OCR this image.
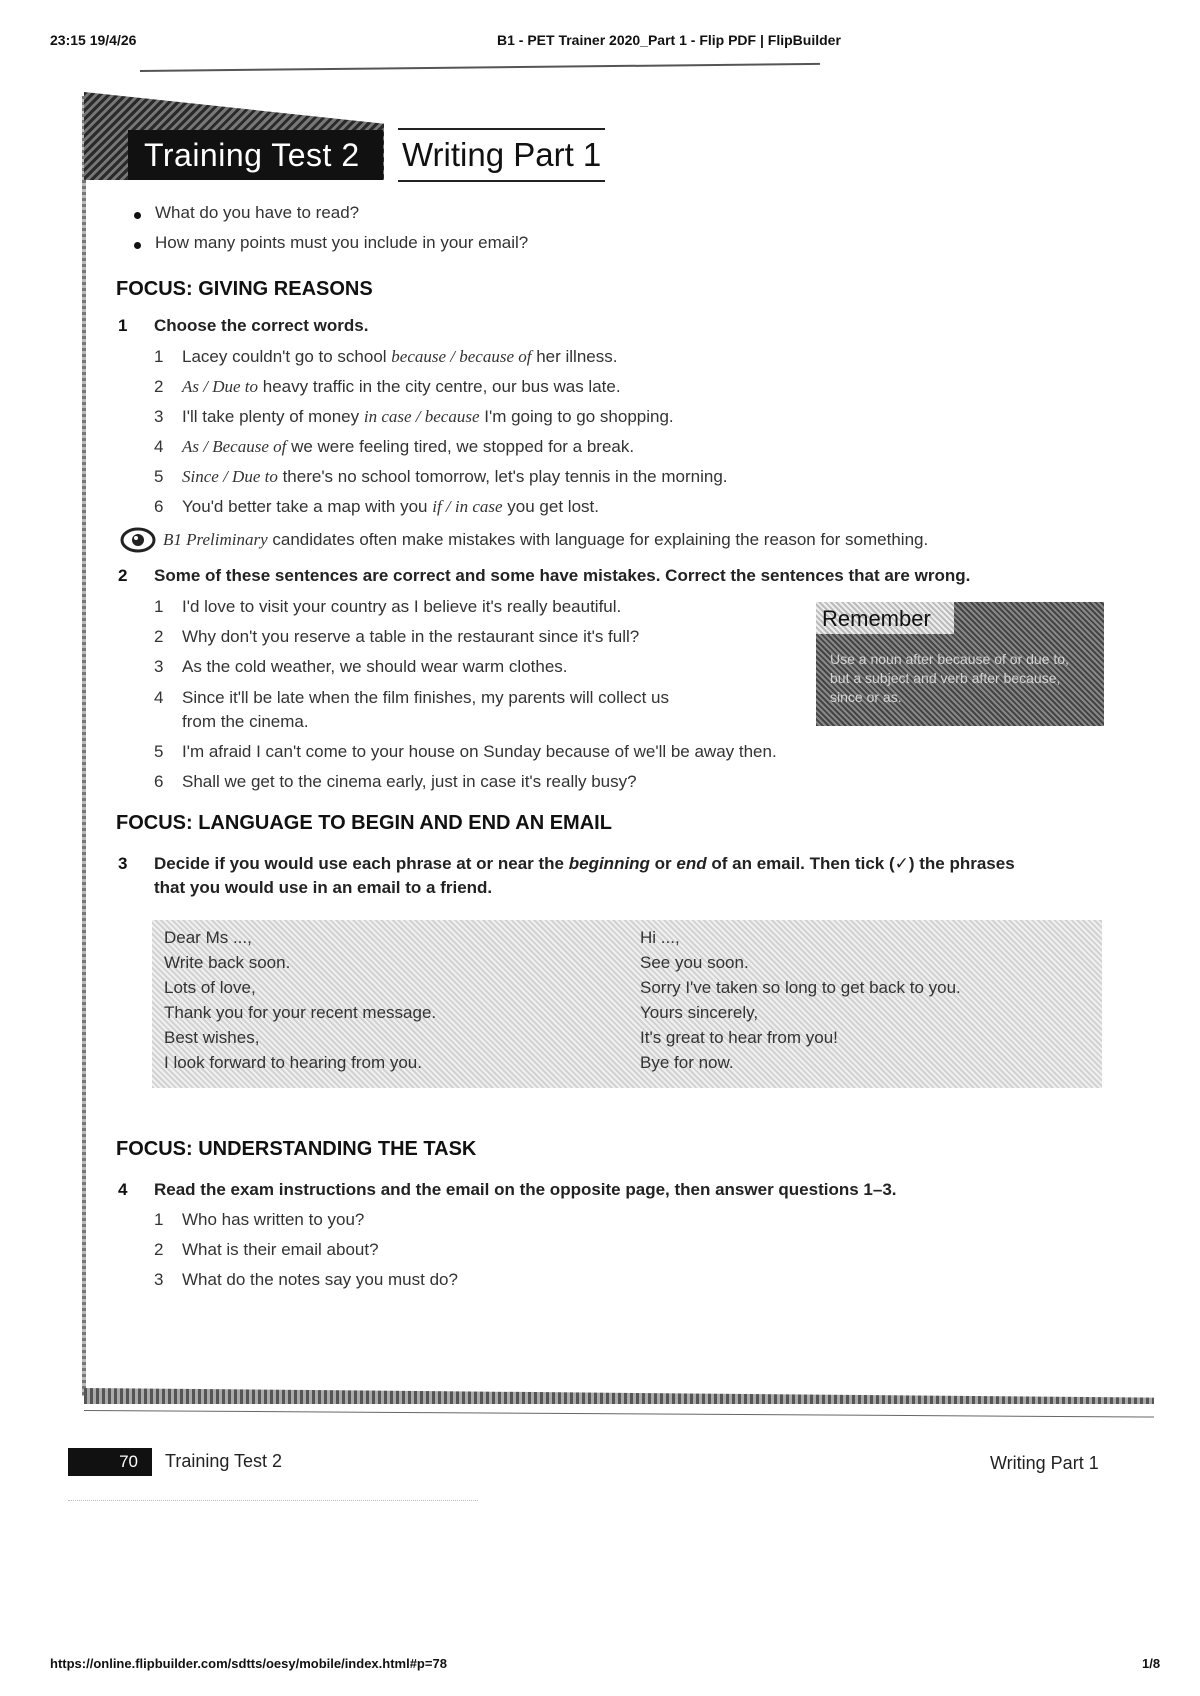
23:15 19/4/26	B1 - PET Trainer 2020_Part 1 - Flip PDF | FlipBuilder
https://online.flipbuilder.com/sdtts/oesy/mobile/index.html#p=78	1/8
Training Test 2	Writing Part 1
What do you have to read?
How many points must you include in your email?
FOCUS: GIVING REASONS
1 Choose the correct words.
1 Lacey couldn't go to school because / because of her illness.
2 As / Due to heavy traffic in the city centre, our bus was late.
3 I'll take plenty of money in case / because I'm going to go shopping.
4 As / Because of we were feeling tired, we stopped for a break.
5 Since / Due to there's no school tomorrow, let's play tennis in the morning.
6 You'd better take a map with you if / in case you get lost.
B1 Preliminary candidates often make mistakes with language for explaining the reason for something.
2 Some of these sentences are correct and some have mistakes. Correct the sentences that are wrong.
1 I'd love to visit your country as I believe it's really beautiful.
2 Why don't you reserve a table in the restaurant since it's full?
3 As the cold weather, we should wear warm clothes.
4 Since it'll be late when the film finishes, my parents will collect us
from the cinema.
5 I'm afraid I can't come to your house on Sunday because of we'll be away then.
6 Shall we get to the cinema early, just in case it's really busy?
Remember
Use a noun after because of or due to, but a subject and verb after because, since or as.
FOCUS: LANGUAGE TO BEGIN AND END AN EMAIL
3 Decide if you would use each phrase at or near the beginning or end of an email. Then tick (✓) the phrases
that you would use in an email to a friend.
Dear Ms ...,
Write back soon.
Lots of love,
Thank you for your recent message.
Best wishes,
I look forward to hearing from you.
Hi ...,
See you soon.
Sorry I've taken so long to get back to you.
Yours sincerely,
It's great to hear from you!
Bye for now.
FOCUS: UNDERSTANDING THE TASK
4 Read the exam instructions and the email on the opposite page, then answer questions 1–3.
1 Who has written to you?
2 What is their email about?
3 What do the notes say you must do?
70	Training Test 2	Writing Part 1
